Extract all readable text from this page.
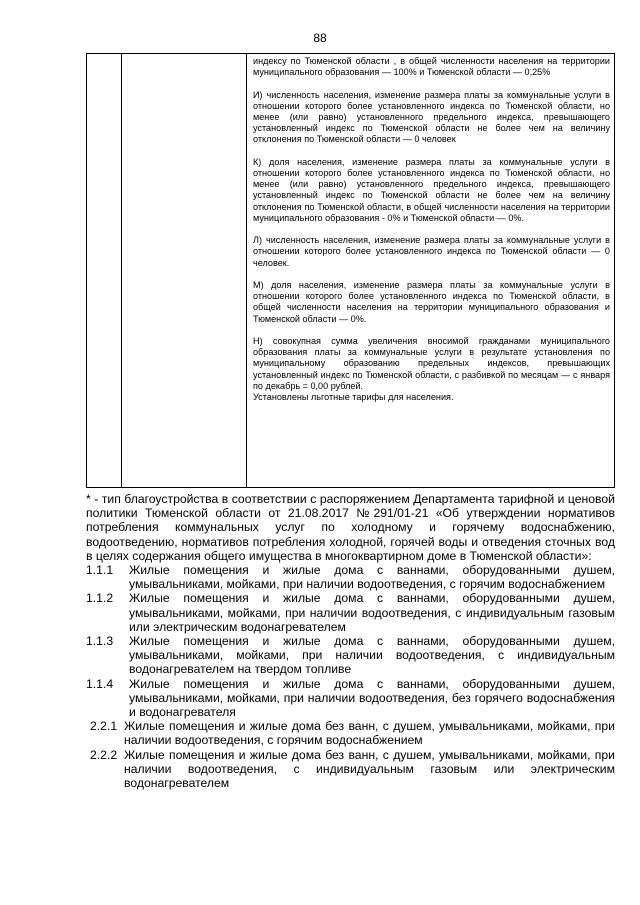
88

индексу по Тюменской области , в общей численности населения на территории муниципального образования — 100% и Тюменской области — 0,25%

И) численность населения, изменение размера платы за коммунальные услуги в отношении которого более установленного индекса по Тюменской области, но менее (или равно) установленного предельного индекса, превышающего установленный индекс по Тюменской области не более чем на величину отклонения по Тюменской области — 0 человек

К) доля населения, изменение размера платы за коммунальные услуги в отношении которого более установленного индекса по Тюменской области, но менее (или равно) установленного предельного индекса, превышающего установленный индекс по Тюменской области не более чем на величину отклонения по Тюменской области, в общей численности населения на территории муниципального образования - 0% и Тюменской области — 0%.

Л) численность населения, изменение размера платы за коммунальные услуги в отношении которого более установленного индекса по Тюменской области — 0 человек.

М) доля населения, изменение размера платы за коммунальные услуги в отношении которого более установленного индекса по Тюменской области, в общей численности населения на территории муниципального образования и Тюменской области — 0%.

Н) совокупная сумма увеличения вносимой гражданами муниципального образования платы за коммунальные услуги в результате установления по муниципальному образованию предельных индексов, превышающих установленный индекс по Тюменской области, с разбивкой по месяцам — с января по декабрь = 0,00 рублей.

Установлены льготные тарифы для населения.

* - тип благоустройства в соответствии с распоряжением Департамента тарифной и ценовой политики Тюменской области от 21.08.2017 №291/01-21 «Об утверждении нормативов потребления коммунальных услуг по холодному и горячему водоснабжению, водоотведению, нормативов потребления холодной, горячей воды и отведения сточных вод в целях содержания общего имущества в многоквартирном доме в Тюменской области»:

1.1.1	Жилые помещения и жилые дома с ваннами, оборудованными душем, умывальниками, мойками, при наличии водоотведения, с горячим водоснабжением
1.1.2	Жилые помещения и жилые дома с ваннами, оборудованными душем, умывальниками, мойками, при наличии водоотведения, с индивидуальным газовым или электрическим водонагревателем
1.1.3	Жилые помещения и жилые дома с ваннами, оборудованными душем, умывальниками, мойками, при наличии водоотведения, с индивидуальным водонагревателем на твердом топливе
1.1.4	Жилые помещения и жилые дома с ваннами, оборудованными душем, умывальниками, мойками, при наличии водоотведения, без горячего водоснабжения и водонагревателя
2.2.1 Жилые помещения и жилые дома без ванн, с душем, умывальниками, мойками, при наличии водоотведения, с горячим водоснабжением
2.2.2 Жилые помещения и жилые дома без ванн, с душем, умывальниками, мойками, при наличии водоотведения, с индивидуальным газовым или электрическим водонагревателем
